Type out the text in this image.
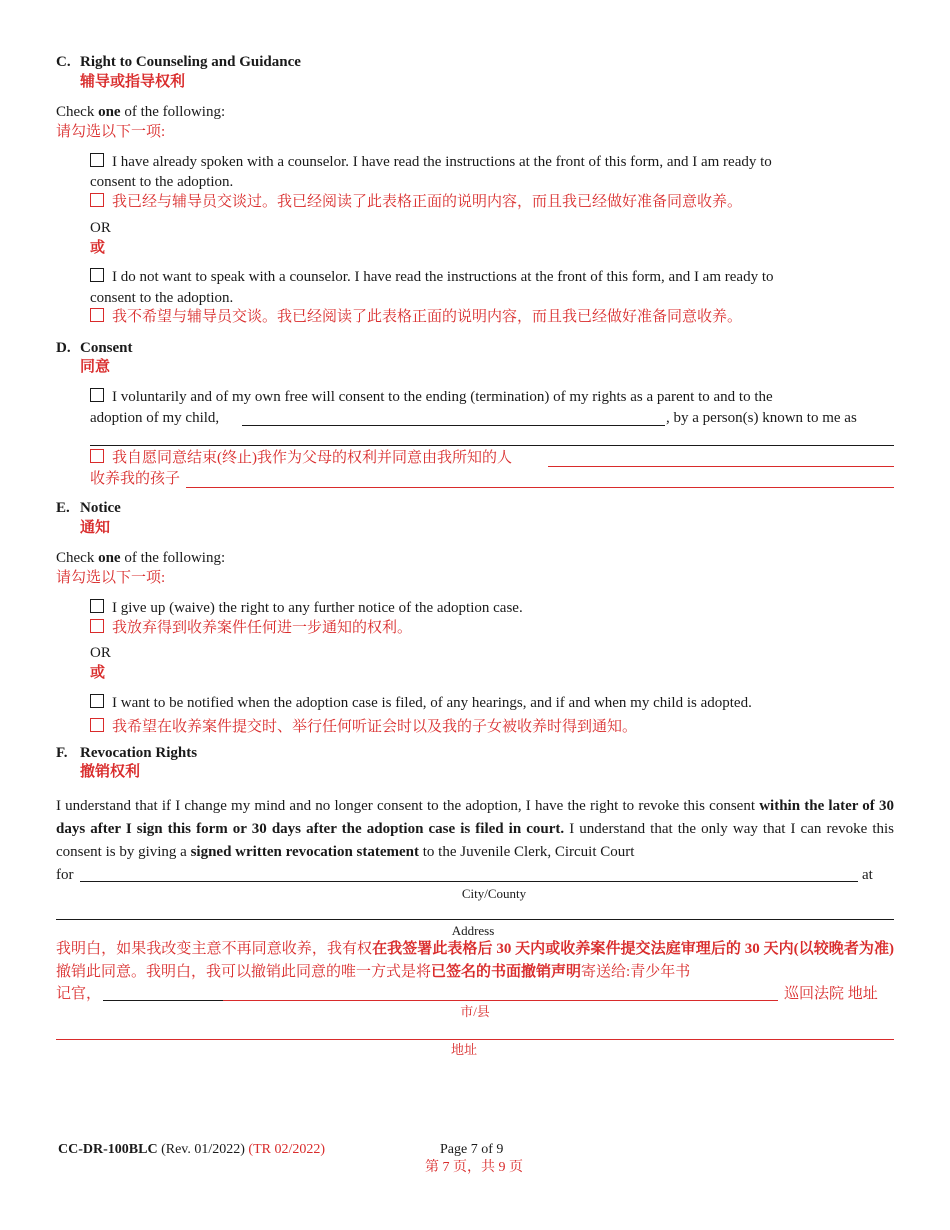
C. Right to Counseling and Guidance
辅导或指导权利
Check one of the following:
请勾选以下一项:
I have already spoken with a counselor. I have read the instructions at the front of this form, and I am ready to
consent to the adoption.
我已经与辅导员交谈过。我已经阅读了此表格正面的说明内容，而且我已经做好准备同意收养。
OR
或
I do not want to speak with a counselor. I have read the instructions at the front of this form, and I am ready to
consent to the adoption.
我不希望与辅导员交谈。我已经阅读了此表格正面的说明内容，而且我已经做好准备同意收养。
D. Consent
同意
I voluntarily and of my own free will consent to the ending (termination) of my rights as a parent to and to the
adoption of my child,	, by a person(s) known to me as
我自愿同意结束(终止)我作为父母的权利并同意由我所知的人
收养我的孩子
E. Notice
通知
Check one of the following:
请勾选以下一项:
I give up (waive) the right to any further notice of the adoption case.
我放弃得到收养案件任何进一步通知的权利。
OR
或
I want to be notified when the adoption case is filed, of any hearings, and if and when my child is adopted.
我希望在收养案件提交时、举行任何听证会时以及我的子女被收养时得到通知。
F. Revocation Rights
撤销权利

I understand that if I change my mind and no longer consent to the adoption, I have the right to revoke this consent within the later of 30 days after I sign this form or 30 days after the adoption case is filed in court. I understand that the only way that I can revoke this consent is by giving a signed written revocation statement to the Juvenile Clerk, Circuit Court

for	at
City/County
Address

我明白，如果我改变主意不再同意收养，我有权在我签署此表格后 30 天内或收养案件提交法庭审理后的 30 天内(以较晚者为准)撤销此同意。我明白，我可以撤销此同意的唯一方式是将已签名的书面撤销声明寄送给:青少年书

记官，	巡回法院 地址
市/县
地址
CC-DR-100BLC (Rev. 01/2022) (TR 02/2022)	Page 7 of 9
第 7 页，共 9 页
